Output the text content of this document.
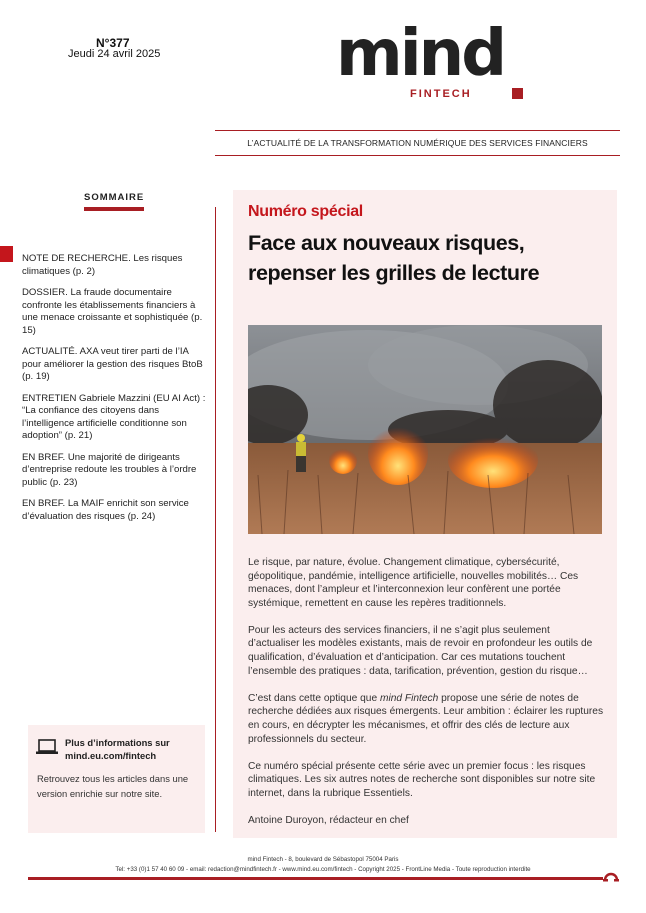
N°377
Jeudi 24 avril 2025	mind
FINTECH
L’ACTUALITÉ DE LA TRANSFORMATION NUMÉRIQUE DES SERVICES FINANCIERS
SOMMAIRE
NOTE DE RECHERCHE. Les risques climatiques (p. 2)
DOSSIER. La fraude documentaire confronte les établissements financiers à une menace croissante et sophistiquée (p. 15)
ACTUALITÉ. AXA veut tirer parti de l’IA pour améliorer la gestion des risques BtoB (p. 19)
ENTRETIEN Gabriele Mazzini (EU AI Act) : “La confiance des citoyens dans l’intelligence artificielle conditionne son adoption” (p. 21)
EN BREF. Une majorité de dirigeants d’entreprise redoute les troubles à l’ordre public (p. 23)
EN BREF. La MAIF enrichit son service d’évaluation des risques (p. 24)
Plus d’informations sur mind.eu.com/fintech
Retrouvez tous les articles dans une version enrichie sur notre site.
Numéro spécial
Face aux nouveaux risques,
repenser les grilles de lecture

Le risque, par nature, évolue. Changement climatique, cybersécurité, géopolitique, pandémie, intelligence artificielle, nouvelles mobilités… Ces menaces, dont l’ampleur et l’interconnexion leur confèrent une portée systémique, remettent en cause les repères traditionnels.

Pour les acteurs des services financiers, il ne s’agit plus seulement d’actualiser les modèles existants, mais de revoir en profondeur les outils de qualification, d’évaluation et d’anticipation. Car ces mutations touchent l’ensemble des pratiques : data, tarification, prévention, gestion du risque…

C’est dans cette optique que mind Fintech propose une série de notes de recherche dédiées aux risques émergents. Leur ambition : éclairer les ruptures en cours, en décrypter les mécanismes, et offrir des clés de lecture aux professionnels du secteur.

Ce numéro spécial présente cette série avec un premier focus : les risques climatiques. Les six autres notes de recherche sont disponibles sur notre site internet, dans la rubrique Essentiels.

Antoine Duroyon, rédacteur en chef

mind Fintech - 8, boulevard de Sébastopol 75004 Paris
Tel: +33 (0)1 57 40 60 09 - email: redaction@mindfintech.fr - www.mind.eu.com/fintech - Copyright 2025 - FrontLine Media - Toute reproduction interdite
